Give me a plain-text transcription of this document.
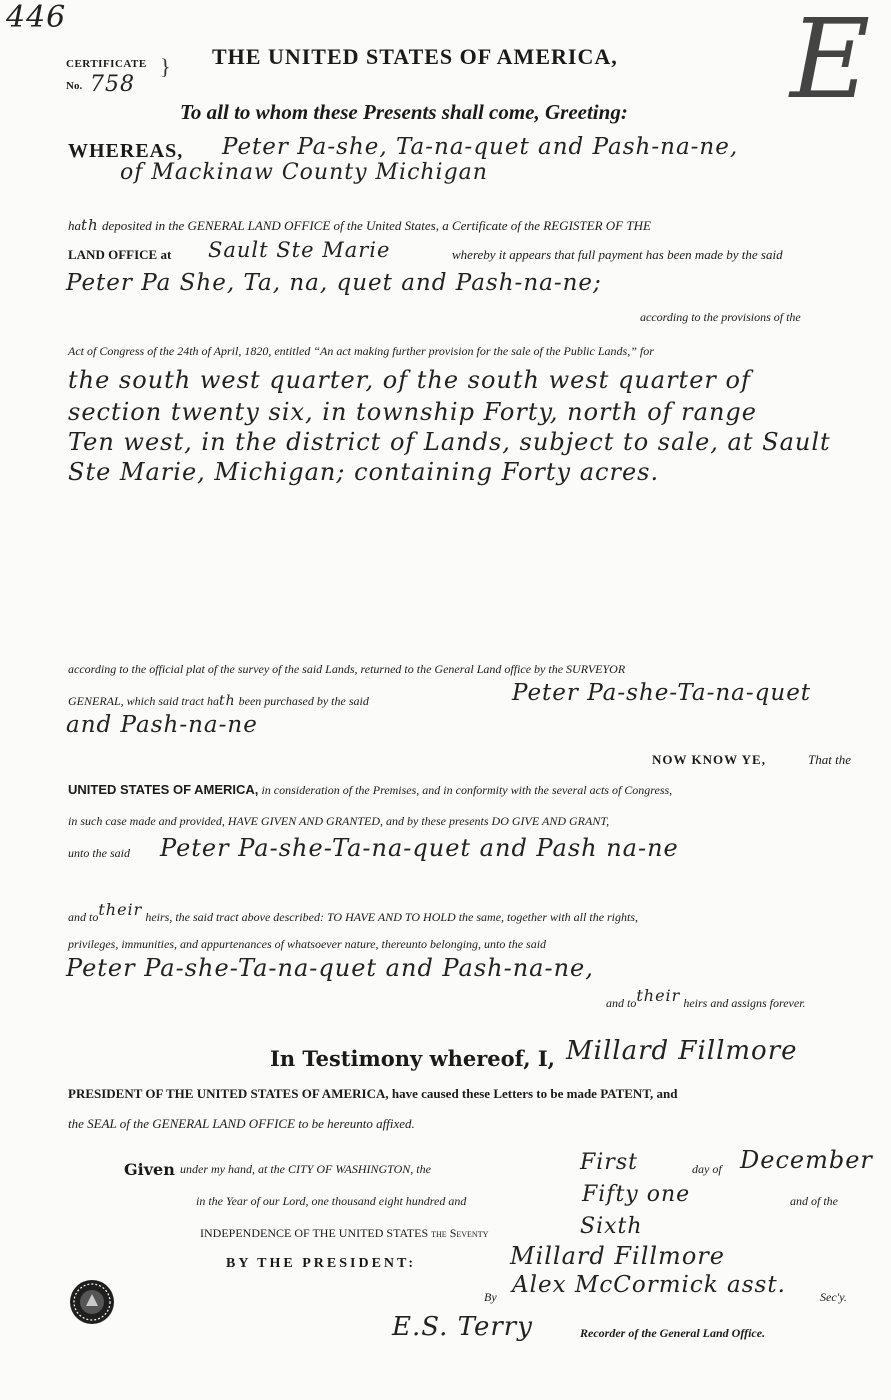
446
CERTIFICATE }
No. 758	E
THE UNITED STATES OF AMERICA,
To all to whom these Presents shall come, Greeting:
WHEREAS, Peter Pa-she, Ta-na-quet and Pash-na-ne,
of Mackinaw County Michigan
hath deposited in the GENERAL LAND OFFICE of the United States, a Certificate of the REGISTER OF THE
LAND OFFICE at Sault Ste Marie	whereby it appears that full payment has been made by the said
Peter Pa She, Ta, na, quet and Pash-na-ne;
according to the provisions of the
Act of Congress of the 24th of April, 1820, entitled “An act making further provision for the sale of the Public Lands,” for
the south west quarter, of the south west quarter of
section twenty six, in township Forty, north of range
Ten west, in the district of Lands, subject to sale, at Sault
Ste Marie, Michigan; containing Forty acres.
according to the official plat of the survey of the said Lands, returned to the General Land office by the SURVEYOR
GENERAL, which said tract hath been purchased by the said	Peter Pa-she-Ta-na-quet
and Pash-na-ne
NOW KNOW YE,	That the
UNITED STATES OF AMERICA, in consideration of the Premises, and in conformity with the several acts of Congress,
in such case made and provided, HAVE GIVEN AND GRANTED, and by these presents DO GIVE AND GRANT,
unto the said Peter Pa-she-Ta-na-quet and Pash na-ne
and totheir heirs, the said tract above described: TO HAVE AND TO HOLD the same, together with all the rights,
privileges, immunities, and appurtenances of whatsoever nature, thereunto belonging, unto the said
Peter Pa-she-Ta-na-quet and Pash-na-ne,
and totheir heirs and assigns forever.
In Testimony whereof, I, Millard Fillmore
PRESIDENT OF THE UNITED STATES OF AMERICA, have caused these Letters to be made PATENT, and
the SEAL of the GENERAL LAND OFFICE to be hereunto affixed.
Given under my hand, at the CITY OF WASHINGTON, the	First	day of December
in the Year of our Lord, one thousand eight hundred and	Fifty one	and of the
INDEPENDENCE OF THE UNITED STATES the Seventy	Sixth
BY THE PRESIDENT:	Millard Fillmore
By Alex McCormick asst.	Sec'y.
E.S. Terry	Recorder of the General Land Office.
